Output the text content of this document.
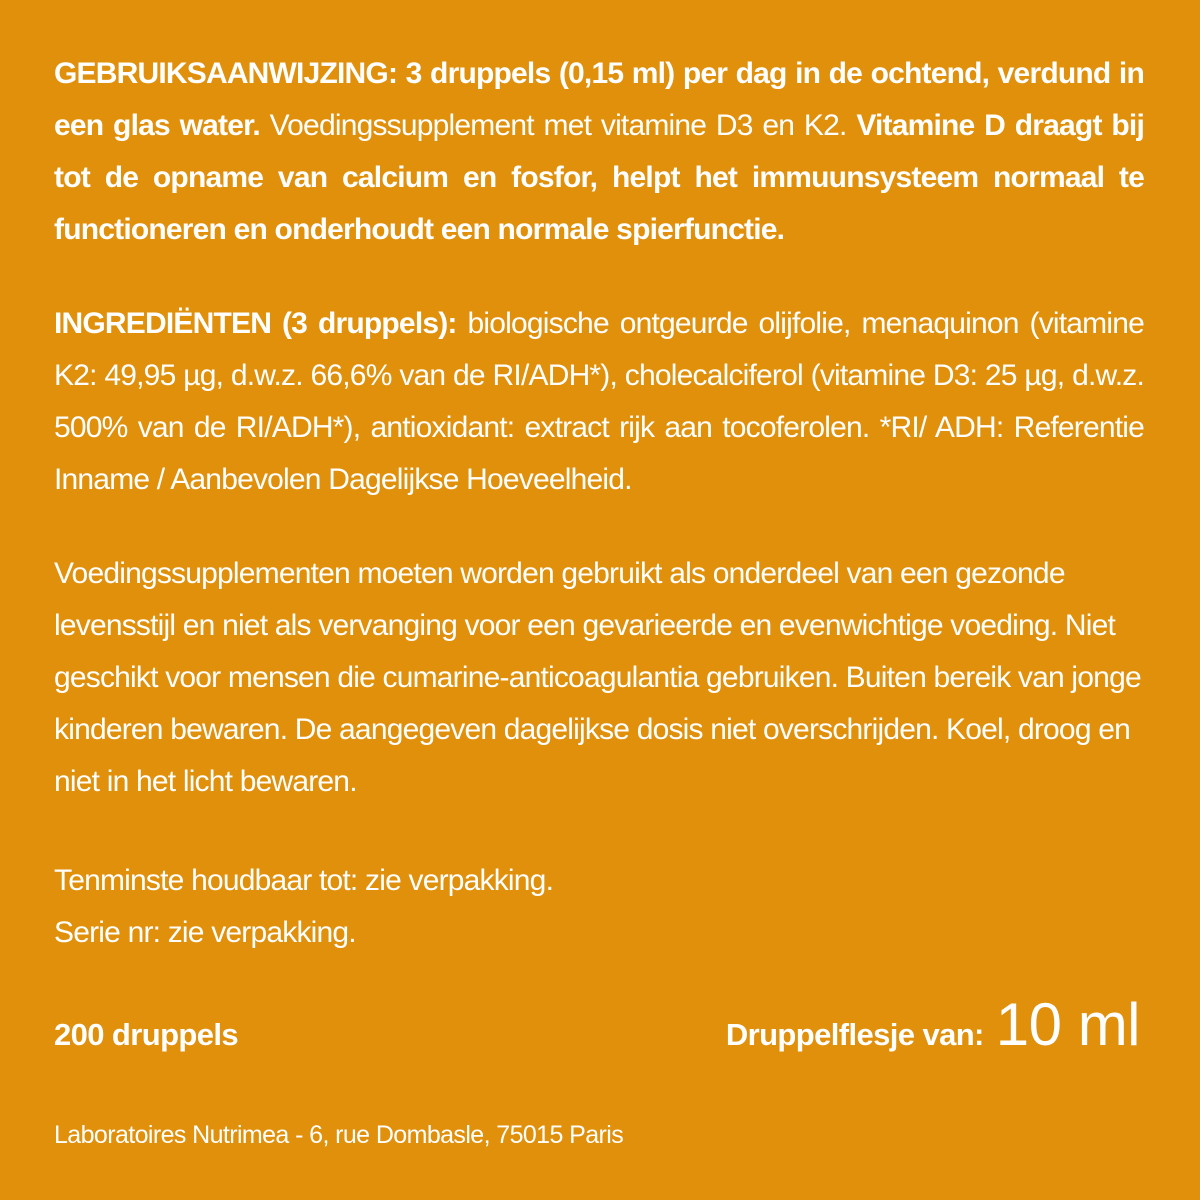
GEBRUIKSAANWIJZING: 3 druppels (0,15 ml) per dag in de ochtend, verdund in een glas water. Voedingssupplement met vitamine D3 en K2. Vitamine D draagt bij tot de opname van calcium en fosfor, helpt het immuunsysteem normaal te functioneren en onderhoudt een normale spierfunctie.

INGREDIËNTEN (3 druppels): biologische ontgeurde olijfolie, menaquinon (vitamine K2: 49,95 µg, d.w.z. 66,6% van de RI/ADH*), cholecalciferol (vitamine D3: 25 µg, d.w.z. 500% van de RI/ADH*), antioxidant: extract rijk aan tocoferolen. *RI/ ADH: Referentie Inname / Aanbevolen Dagelijkse Hoeveelheid.

Voedingssupplementen moeten worden gebruikt als onderdeel van een gezonde levensstijl en niet als vervanging voor een gevarieerde en evenwichtige voeding. Niet geschikt voor mensen die cumarine-anticoagulantia gebruiken. Buiten bereik van jonge kinderen bewaren. De aangegeven dagelijkse dosis niet overschrijden. Koel, droog en niet in het licht bewaren.

Tenminste houdbaar tot: zie verpakking.
Serie nr: zie verpakking.
200 druppels	Druppelflesje van: 10 ml
Laboratoires Nutrimea - 6, rue Dombasle, 75015 Paris
